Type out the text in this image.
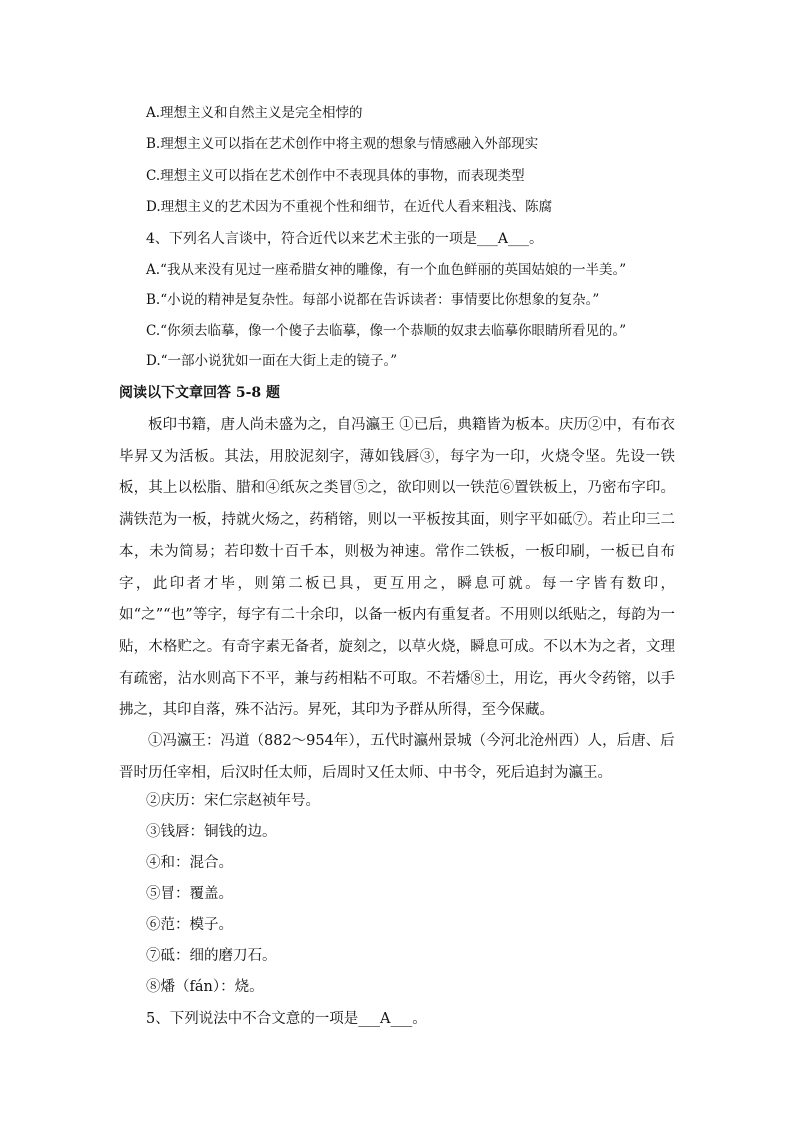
A.理想主义和自然主义是完全相悖的
B.理想主义可以指在艺术创作中将主观的想象与情感融入外部现实
C.理想主义可以指在艺术创作中不表现具体的事物，而表现类型
D.理想主义的艺术因为不重视个性和细节，在近代人看来粗浅、陈腐
4、下列名人言谈中，符合近代以来艺术主张的一项是___A___。
A.“我从来没有见过一座希腊女神的雕像，有一个血色鲜丽的英国姑娘的一半美。”
B.“小说的精神是复杂性。每部小说都在告诉读者：事情要比你想象的复杂。”
C.“你须去临摹，像一个傻子去临摹，像一个恭顺的奴隶去临摹你眼睛所看见的。”
D.“一部小说犹如一面在大街上走的镜子。”
阅读以下文章回答 5-8 题

板印书籍，唐人尚未盛为之，自冯瀛王 ①已后，典籍皆为板本。庆历②中，有布衣毕昇又为活板。其法，用胶泥刻字，薄如钱唇③，每字为一印，火烧令坚。先设一铁板，其上以松脂、腊和④纸灰之类冒⑤之，欲印则以一铁范⑥置铁板上，乃密布字印。满铁范为一板，持就火炀之，药稍镕，则以一平板按其面，则字平如砥⑦。若止印三二本，未为简易；若印数十百千本，则极为神速。常作二铁板，一板印刷，一板已自布字，此印者才毕，则第二板已具，更互用之，瞬息可就。每一字皆有数印，如“之”“也”等字，每字有二十余印，以备一板内有重复者。不用则以纸贴之，每韵为一贴，木格贮之。有奇字素无备者，旋刻之，以草火烧，瞬息可成。不以木为之者，文理有疏密，沾水则高下不平，兼与药相粘不可取。不若燔⑧土，用讫，再火令药镕，以手拂之，其印自落，殊不沾污。昇死，其印为予群从所得，至今保藏。

①冯瀛王：冯道（882～954年），五代时瀛州景城（今河北沧州西）人，后唐、后晋时历任宰相，后汉时任太师，后周时又任太师、中书令，死后追封为瀛王。

②庆历：宋仁宗赵祯年号。
③钱唇：铜钱的边。
④和：混合。
⑤冒：覆盖。
⑥范：模子。
⑦砥：细的磨刀石。
⑧燔（fán）：烧。
5、下列说法中不合文意的一项是___A___。
